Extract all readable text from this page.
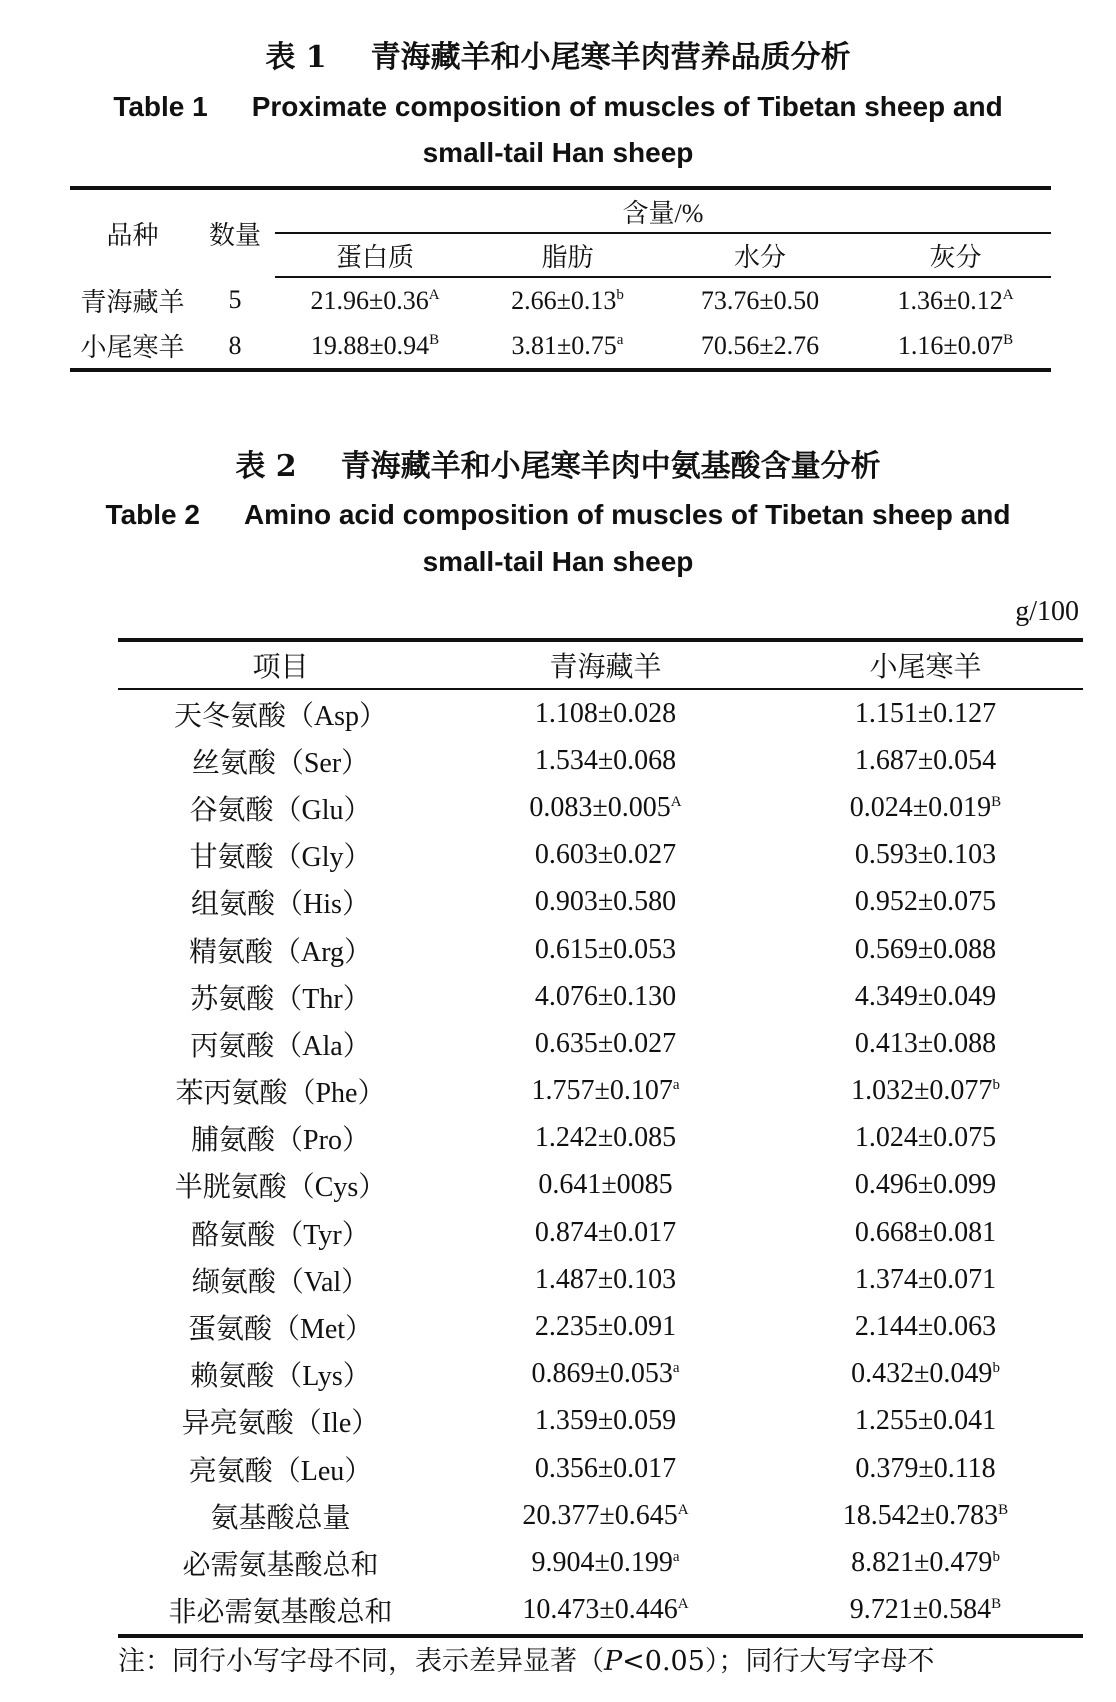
表 1 青海藏羊和小尾寒羊肉营养品质分析
Table 1 Proximate composition of muscles of Tibetan sheep and
small-tail Han sheep
品种	数量	含量/%			
		蛋白质	脂肪	水分	灰分
青海藏羊	5	$21.96\pm 0.36^A$	2.66±0.13$^b$	73.76±0.50	$1.36\pm 0.12^A$
小尾寒羊	8	$19.88\pm 0.94^B$	3.81±0.75$^a$	70.56±2.76	$1.16\pm 0.07^B$
表 2 青海藏羊和小尾寒羊肉中氨基酸含量分析
Table 2 Amino acid composition of muscles of Tibetan sheep and
small-tail Han sheep
g/100
项目	青海藏羊	小尾寒羊
天冬氨酸（Asp）	1.108±0.028	1.151±0.127
丝氨酸（Ser）	1.534±0.068	1.687±0.054
谷氨酸（Glu）	$0.083\pm 0.005^A$	$0.024\pm 0.019^B$
甘氨酸（Gly）	0.603±0.027	0.593±0.103
组氨酸（His）	0.903±0.580	0.952±0.075
精氨酸（Arg）	0.615±0.053	0.569±0.088
苏氨酸（Thr）	4.076±0.130	4.349±0.049
丙氨酸（Ala）	0.635±0.027	0.413±0.088
苯丙氨酸（Phe）	1.757±0.107$^a$	1.032±0.077$^b$
脯氨酸（Pro）	1.242±0.085	1.024±0.075
半胱氨酸（Cys）	0.641±0085	0.496±0.099
酪氨酸（Tyr）	0.874±0.017	0.668±0.081
缬氨酸（Val）	1.487±0.103	1.374±0.071
蛋氨酸（Met）	2.235±0.091	2.144±0.063
赖氨酸（Lys）	0.869±0.053$^a$	0.432±0.049$^b$
异亮氨酸（Ile）	1.359±0.059	1.255±0.041
亮氨酸（Leu）	0.356±0.017	0.379±0.118
氨基酸总量	$20.377\pm 0.645^A$	$18.542\pm 0.783^B$
必需氨基酸总和	9.904±0.199$^a$	8.821±0.479$^b$
非必需氨基酸总和	$10.473\pm 0.446^A$	$9.721\pm 0.584^B$
注：同行小写字母不同，表示差异显著（P<0.05）；同行大写字母不
